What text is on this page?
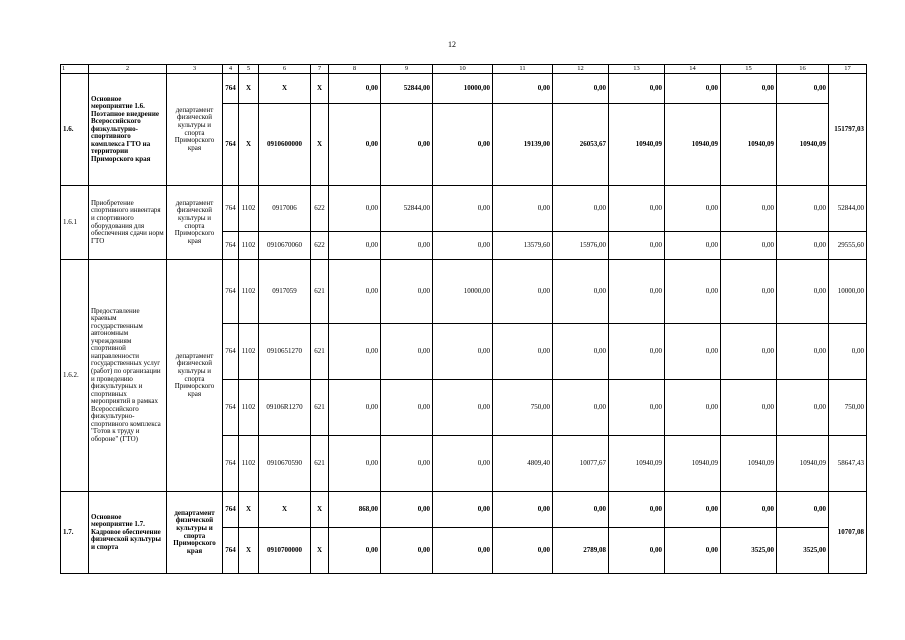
12
1	2	3	4	5	6	7	8	9	10	11	12	13	14	15	16	17
1.6.	Основное мероприятие 1.6. Поэтапное внедрение Всероссийского физкультурно-спортивного комплекса ГТО на территории Приморского края	департамент физической культуры и спорта Приморского края	764	X	X	X	0,00	52844,00	10000,00	0,00	0,00	0,00	0,00	0,00	0,00	151797,03
			764	X	0910600000	X	0,00	0,00	0,00	19139,00	26053,67	10940,09	10940,09	10940,09	10940,09	
1.6.1	Приобретение спортивного инвентаря и спортивного оборудования для обеспечения сдачи норм ГТО	департамент физической культуры и спорта Приморского края	764	1102	0917006	622	0,00	52844,00	0,00	0,00	0,00	0,00	0,00	0,00	0,00	52844,00
			764	1102	0910670060	622	0,00	0,00	0,00	13579,60	15976,00	0,00	0,00	0,00	0,00	29555,60
1.6.2.	Предоставление краевым государственным автономным учреждениям спортивной направленности государственных услуг (работ) по организации и проведению физкультурных и спортивных мероприятий в рамках Всероссийского физкультурно-спортивного комплекса "Готов к труду и обороне" (ГТО)	департамент физической культуры и спорта Приморского края	764	1102	0917059	621	0,00	0,00	10000,00	0,00	0,00	0,00	0,00	0,00	0,00	10000,00
			764	1102	0910651270	621	0,00	0,00	0,00	0,00	0,00	0,00	0,00	0,00	0,00	0,00
			764	1102	09106R1270	621	0,00	0,00	0,00	750,00	0,00	0,00	0,00	0,00	0,00	750,00
			764	1102	0910670590	621	0,00	0,00	0,00	4809,40	10077,67	10940,09	10940,09	10940,09	10940,09	58647,43
1.7.	Основное мероприятие 1.7. Кадровое обеспечение физической культуры и спорта	департамент физической культуры и спорта Приморского края	764	X	X	X	868,00	0,00	0,00	0,00	0,00	0,00	0,00	0,00	0,00	10707,08
			764	X	0910700000	X	0,00	0,00	0,00	0,00	2789,08	0,00	0,00	3525,00	3525,00	
